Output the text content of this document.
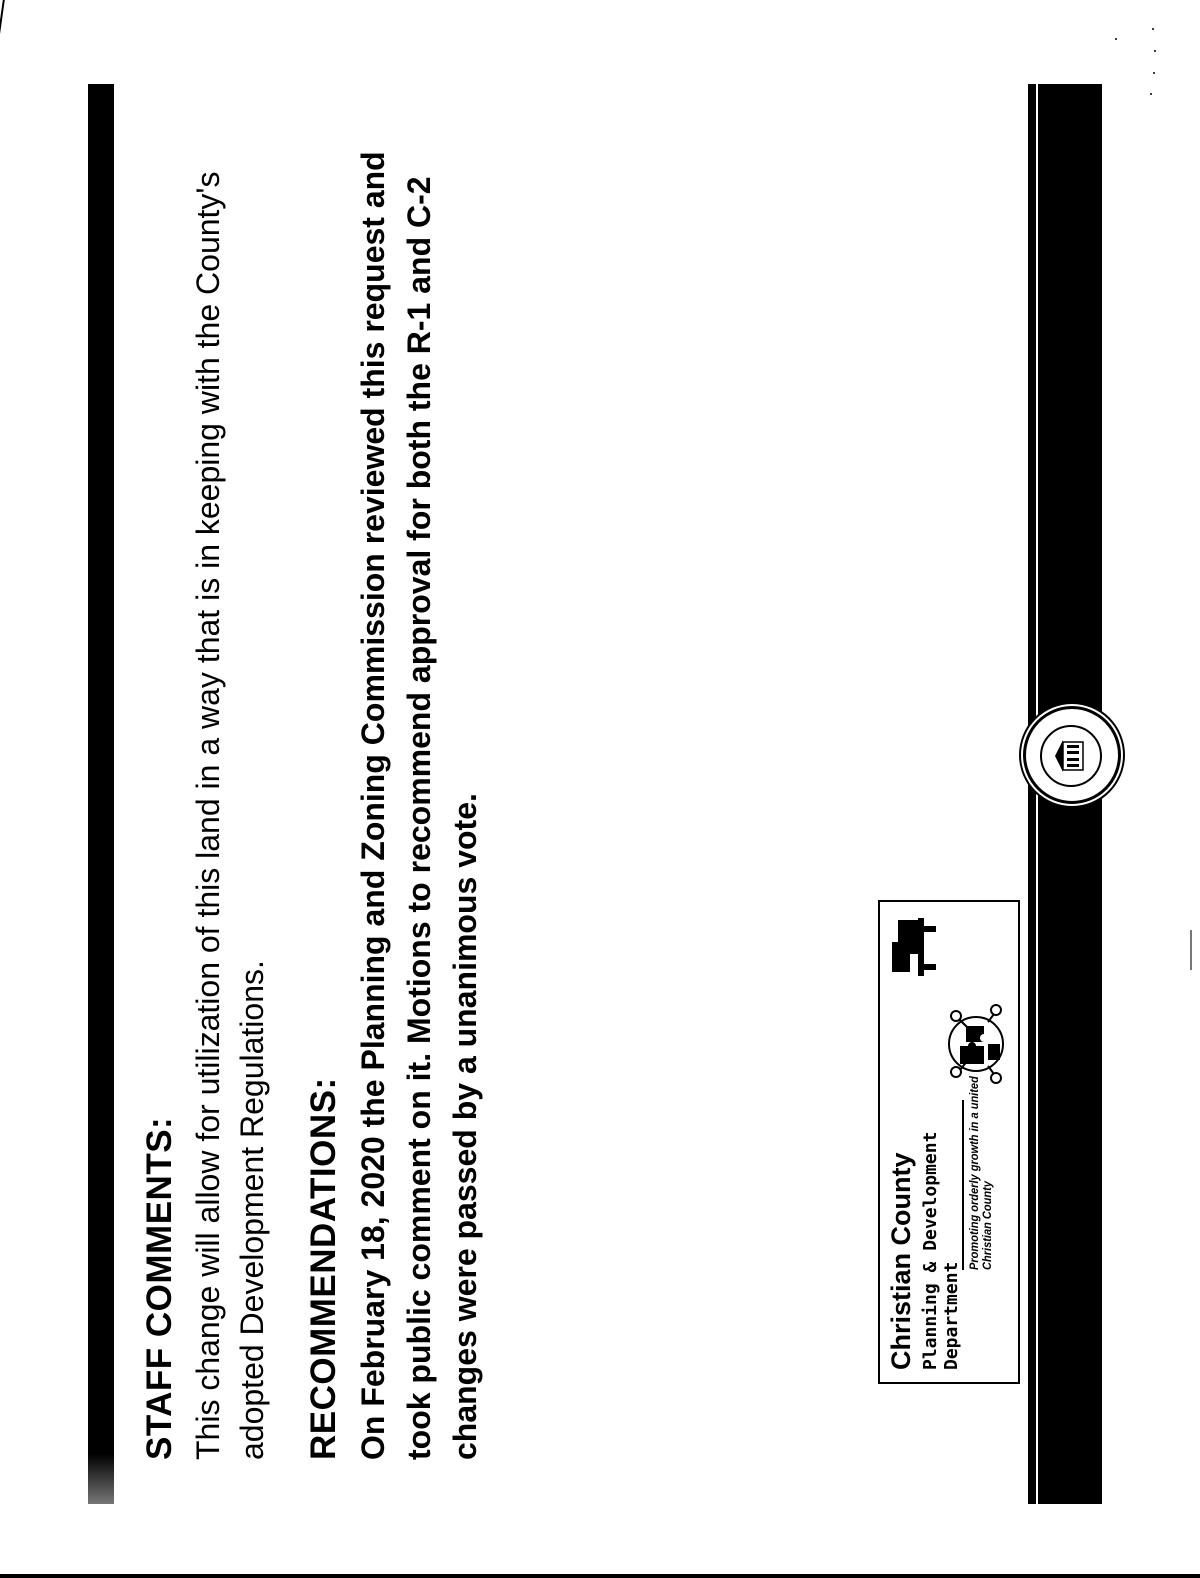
STAFF COMMENTS: This change will allow for utilization of this land in a way that is in keeping with the County's adopted Development Regulations. RECOMMENDATIONS: On February 18, 2020 the Planning and Zoning Commission reviewed this request and took public comment on it. Motions to recommend approval for both the R-1 and C-2 changes were passed by a unanimous vote.	Christian County Planning & Development Department
Promoting orderly growth in a united Christian County
